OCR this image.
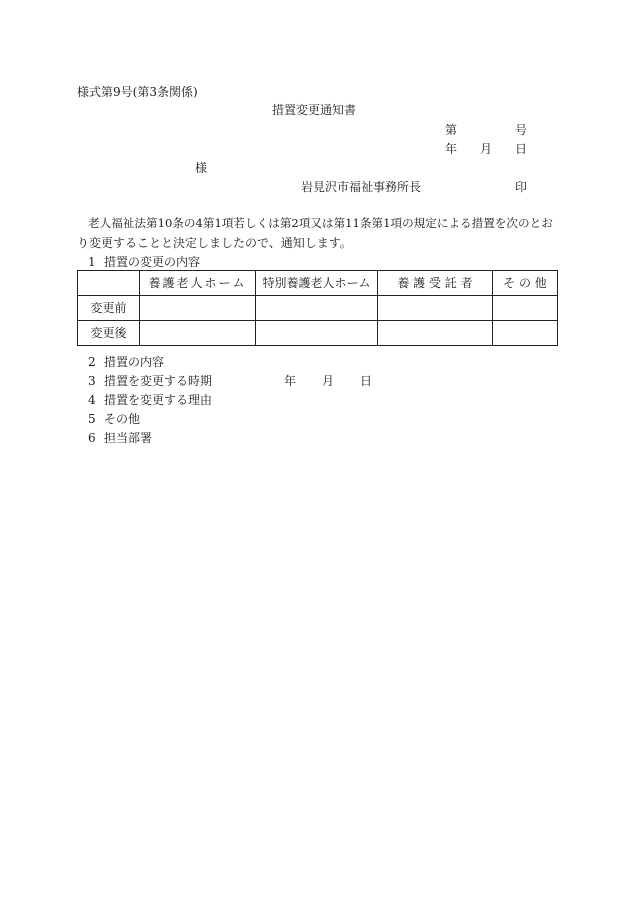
様式第9号(第3条関係)
措置変更通知書
第	号
年 月 日
様
岩見沢市福祉事務所長	印
老人福祉法第10条の4第1項若しくは第2項又は第11条第1項の規定による措置を次のとお
り変更することと決定しましたので、通知します。
1 措置の変更の内容
	養護老人ホーム	特別養護老人ホーム	養 護 受 託 者	そ の 他
変更前				
変更後				
2 措置の内容
3 措置を変更する時期	年	月	日
4 措置を変更する理由
5 その他
6 担当部署
